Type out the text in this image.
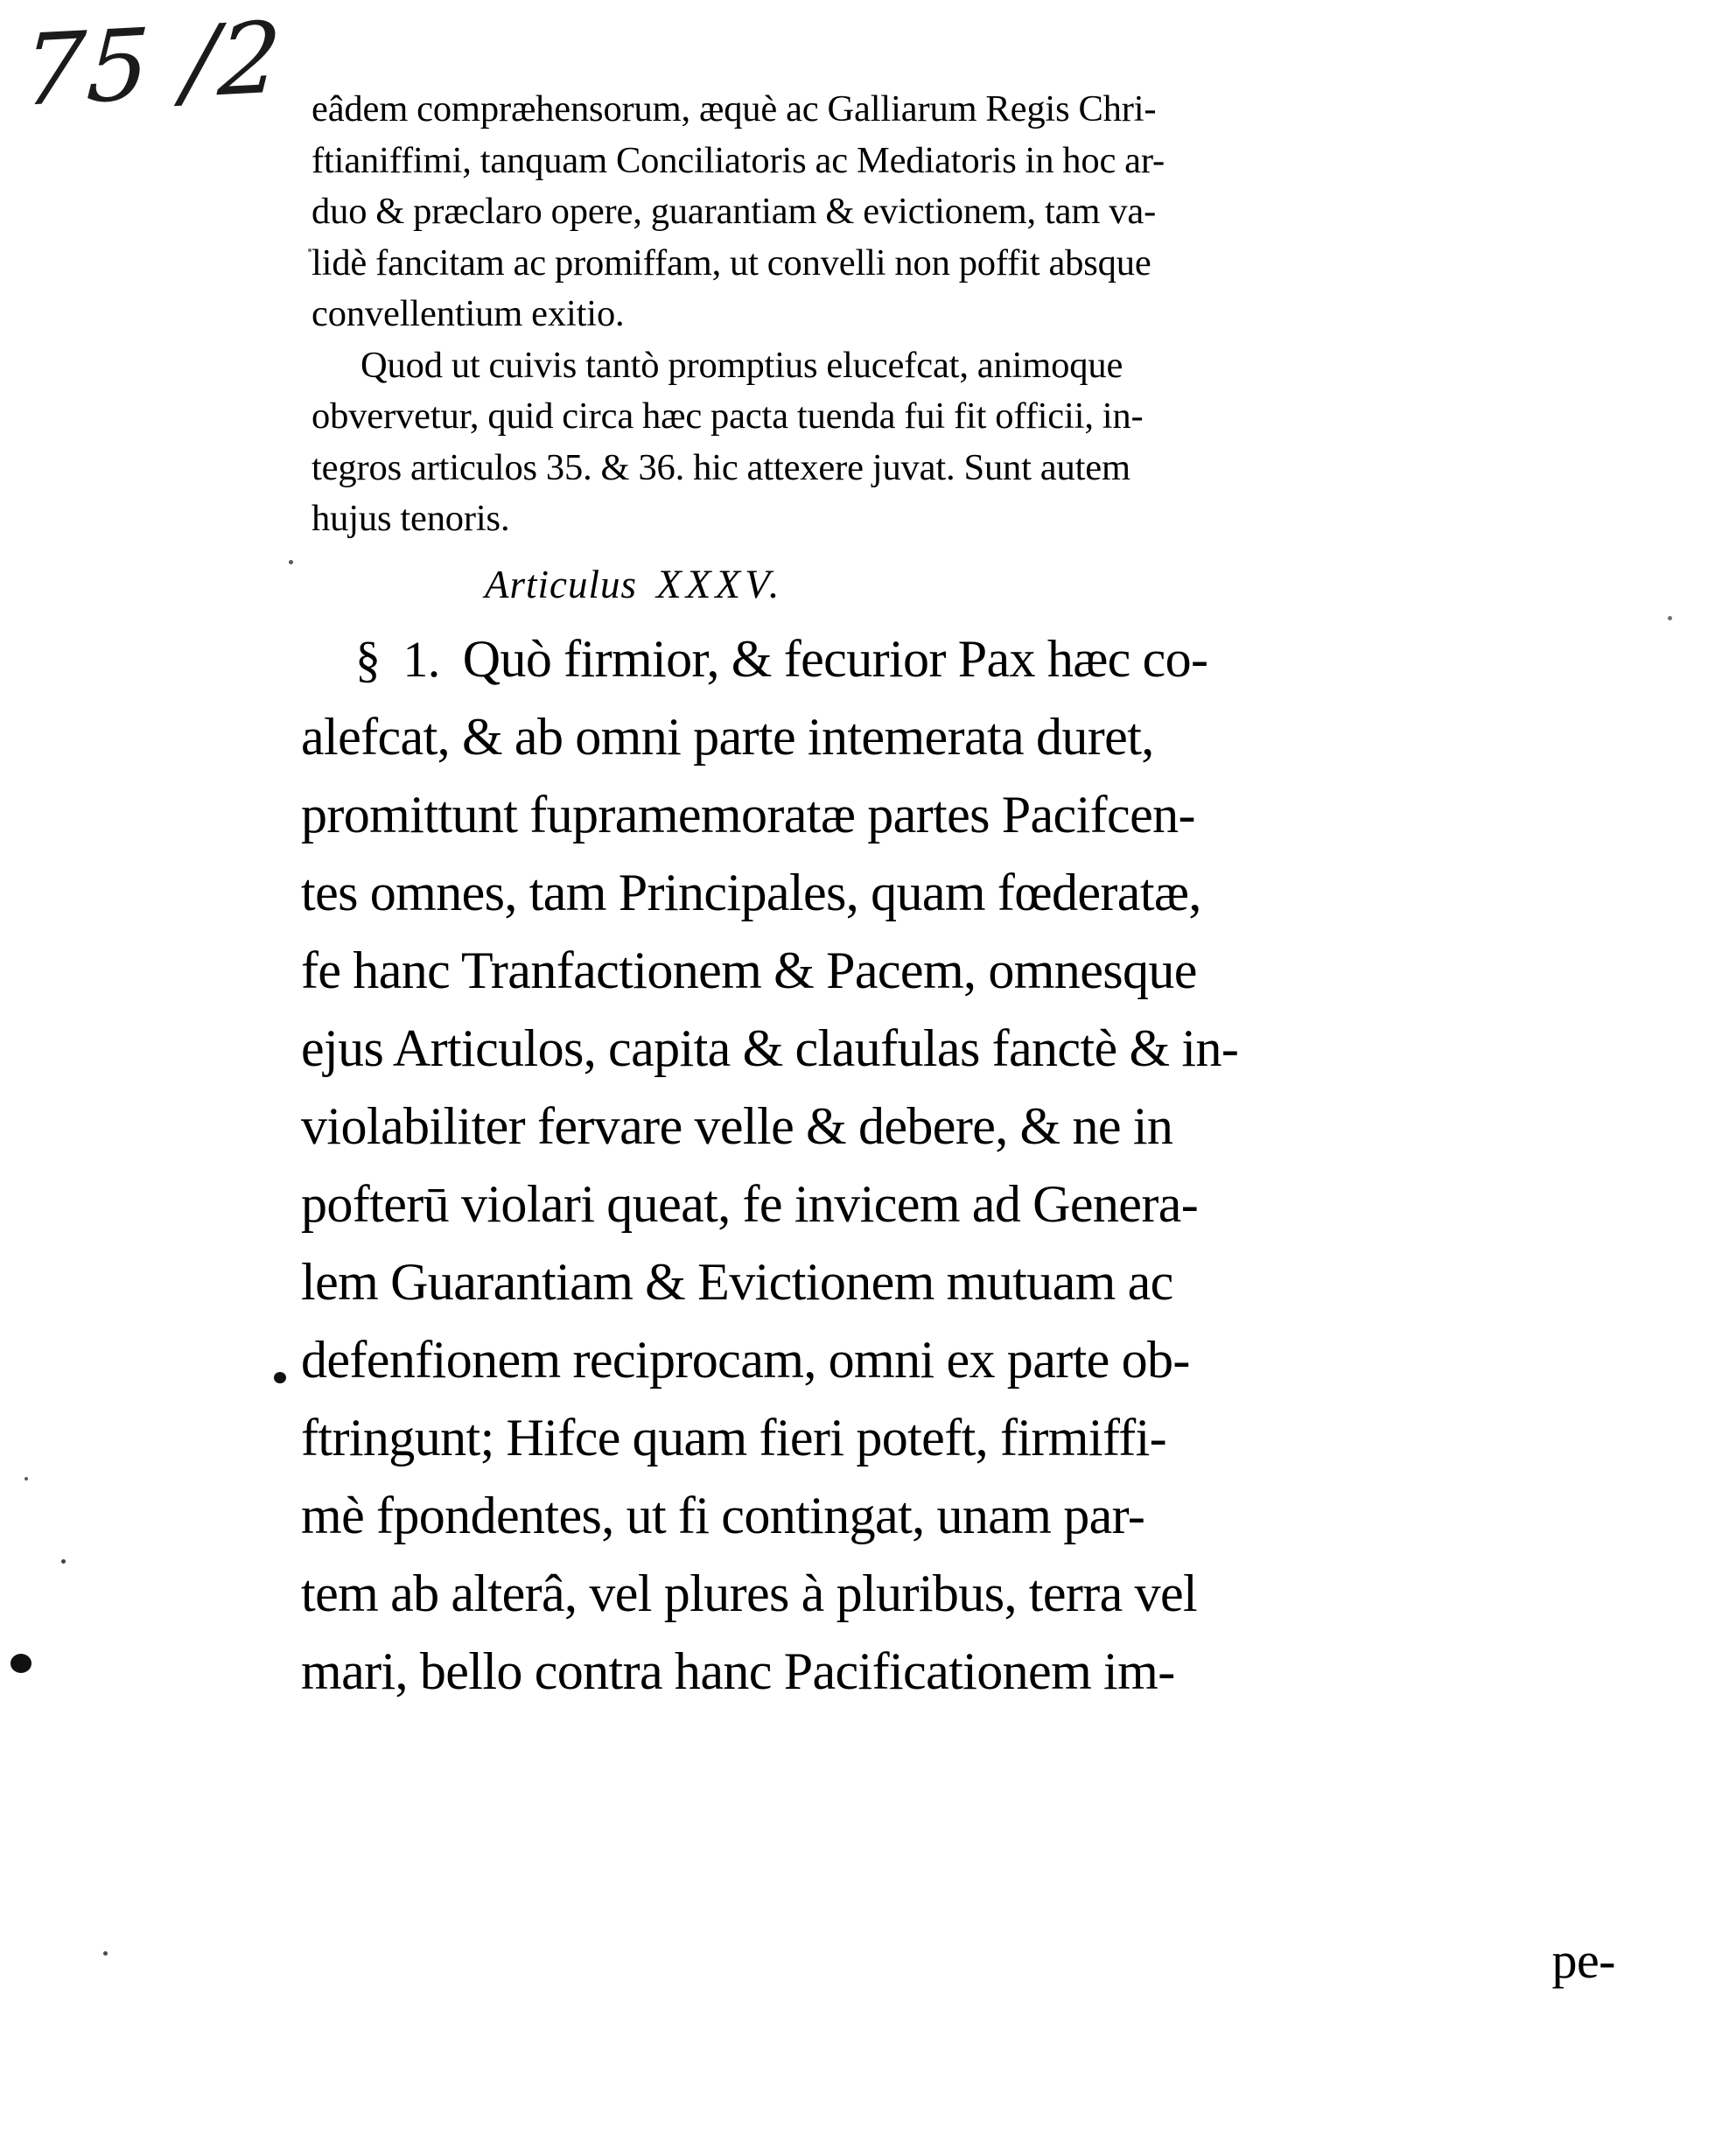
75 /2 eâdem compræhensorum, æquè ac Galliarum Regis Chri-
ftianiffimi, tanquam Conciliatoris ac Mediatoris in hoc ar-
duo & præclaro opere, guarantiam & evictionem, tam va-
lidè fancitam ac promiffam, ut convelli non poffit absque
convellentium exitio.
Quod ut cuivis tantò promptius elucefcat, animoque
obvervetur, quid circa hæc pacta tuenda fui fit officii, in-
tegros articulos 35. & 36. hic attexere juvat. Sunt autem
hujus tenoris.
Articulus XXXV.
§ 1. Quò firmior, & fecurior Pax hæc co-
alefcat, & ab omni parte intemerata duret,
promittunt fupramemoratæ partes Pacifcen-
tes omnes, tam Principales, quam fœderatæ,
fe hanc Tranfactionem & Pacem, omnesque
ejus Articulos, capita & claufulas fanctè & in-
violabiliter fervare velle & debere, & ne in
pofterū violari queat, fe invicem ad Genera-
lem Guarantiam & Evictionem mutuam ac
defenfionem reciprocam, omni ex parte ob-
ftringunt; Hifce quam fieri poteft, firmiffi-
mè fpondentes, ut fi contingat, unam par-
tem ab alterâ, vel plures à pluribus, terra vel
mari, bello contra hanc Pacificationem im-
pe-
